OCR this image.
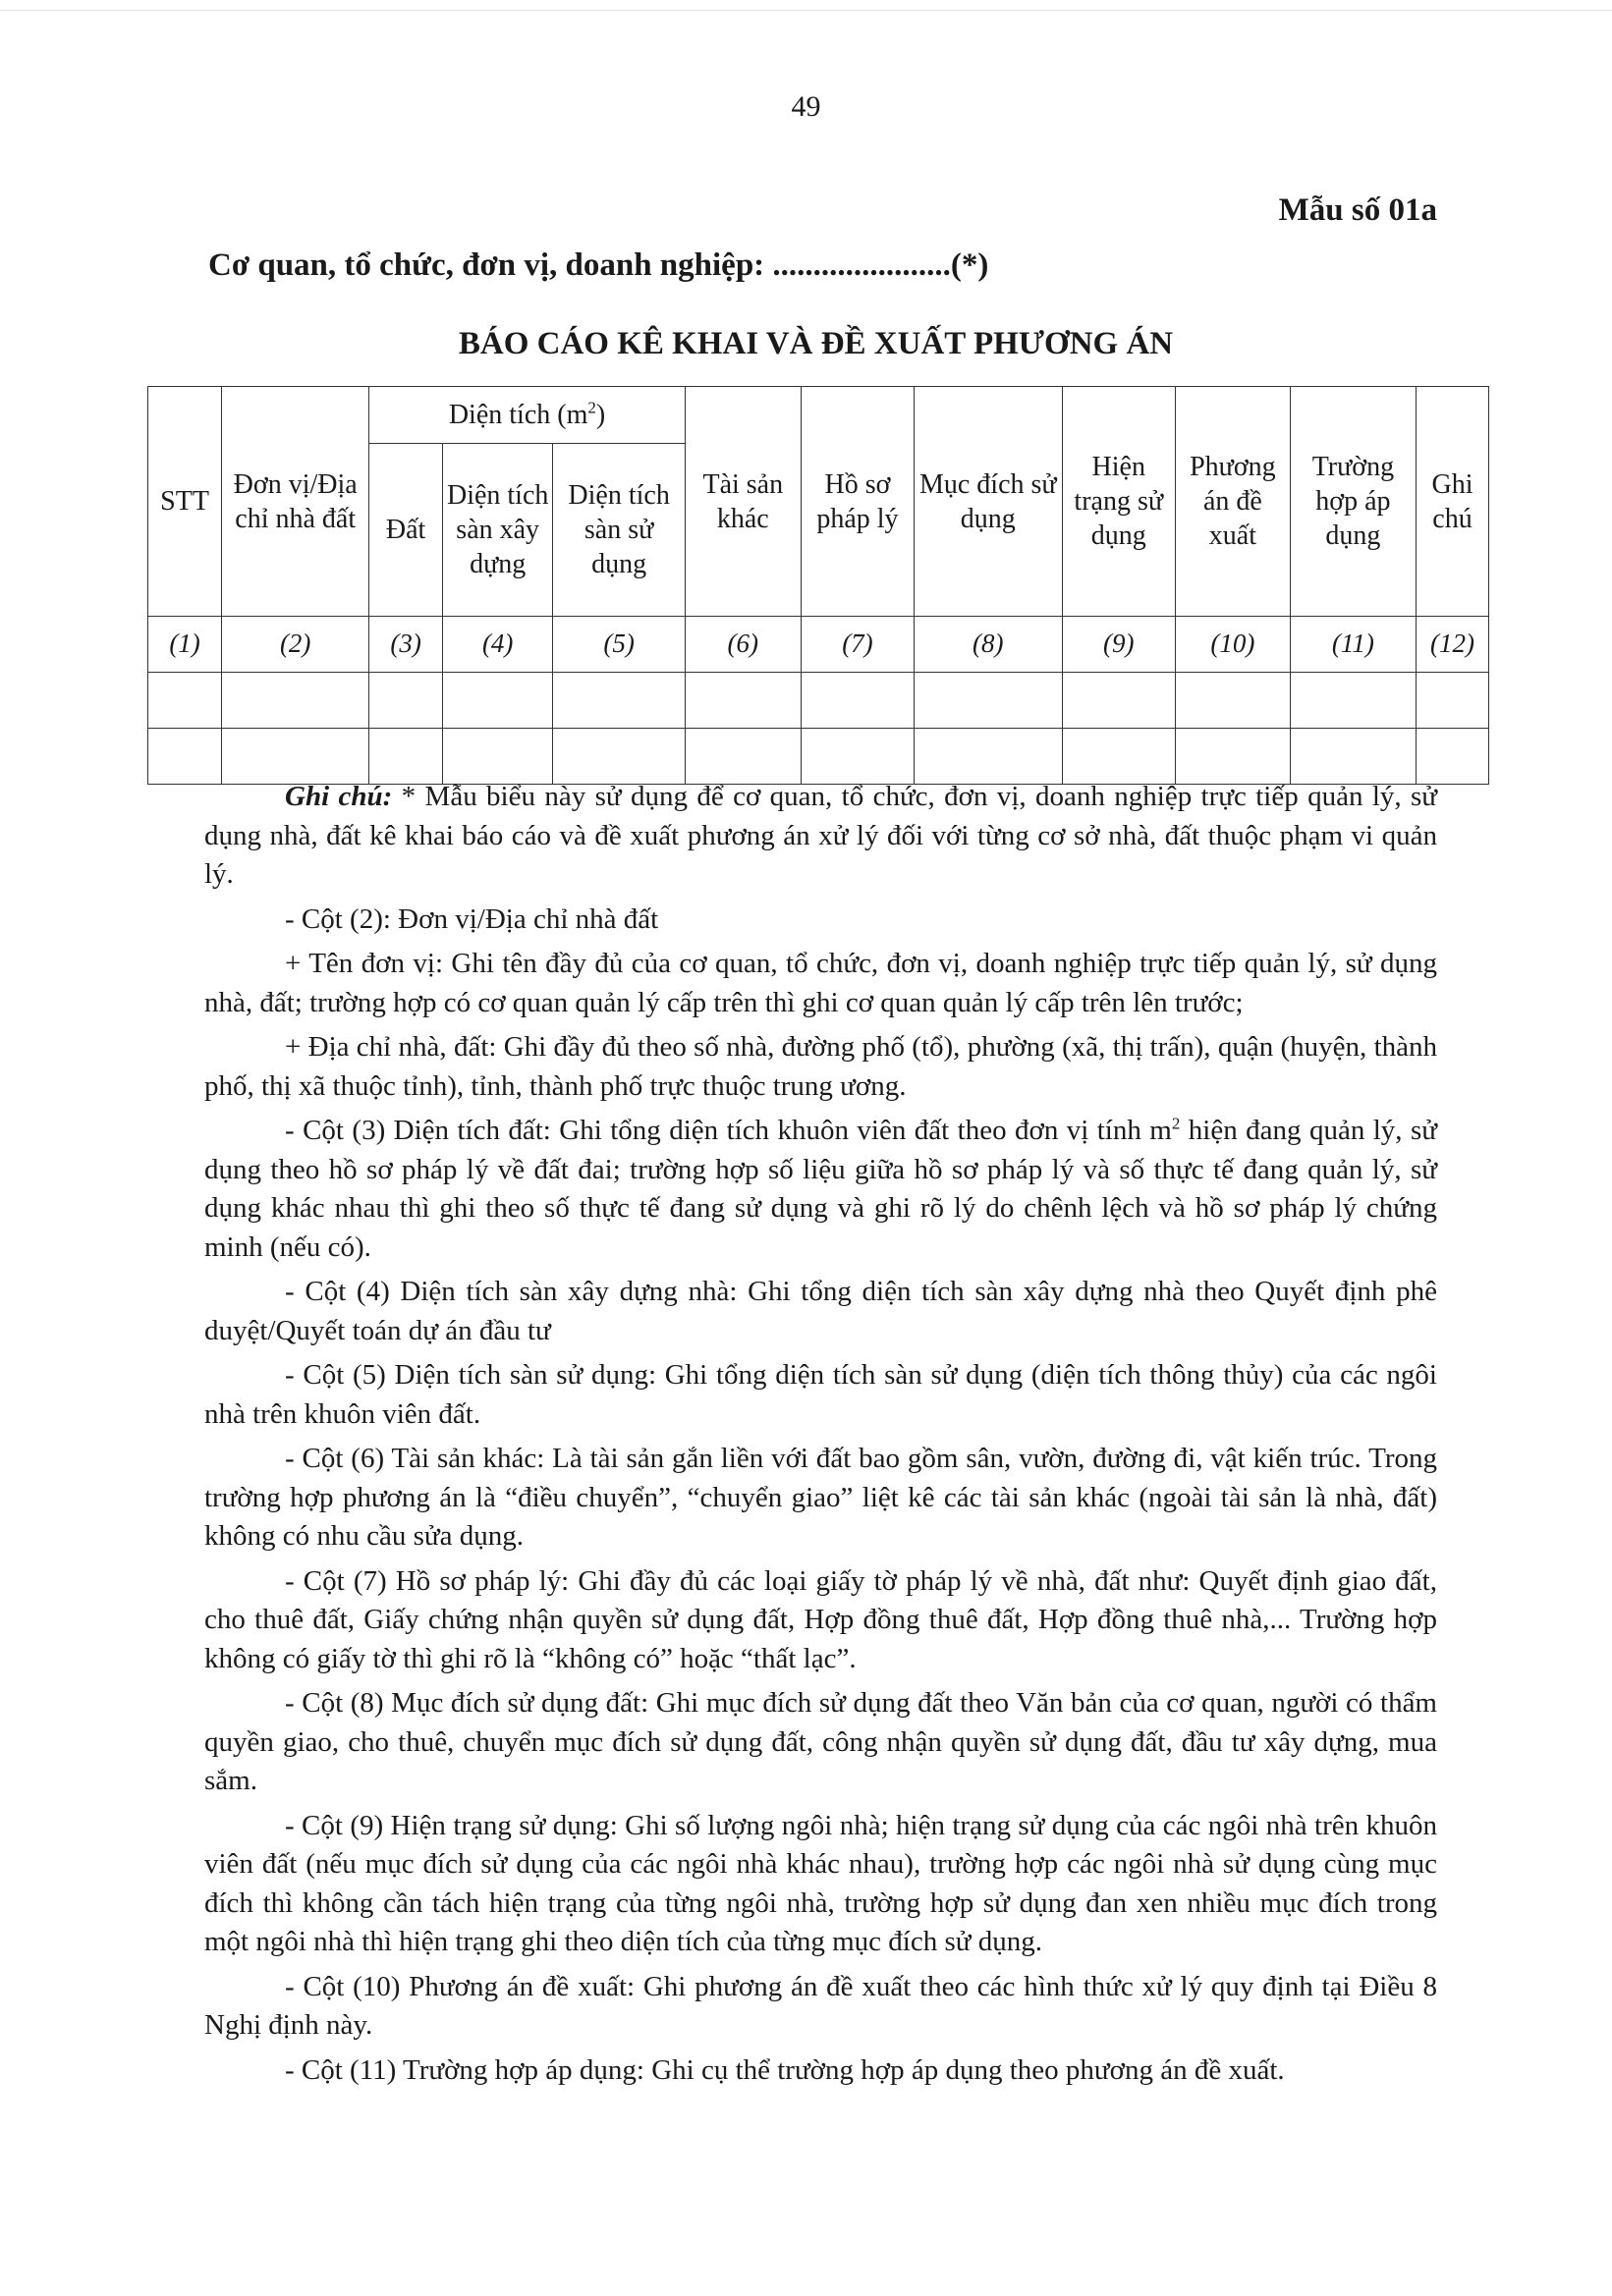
49
Mẫu số 01a
Cơ quan, tổ chức, đơn vị, doanh nghiệp: ......................(*)
BÁO CÁO KÊ KHAI VÀ ĐỀ XUẤT PHƯƠNG ÁN
STT	Đơn vị/Địa chỉ nhà đất	Diện tích $(m^2)$			Tài sản khác	Hồ sơ pháp lý	Mục đích sử dụng	Hiện trạng sử dụng	Phương án đề xuất	Trường hợp áp dụng	Ghi chú
		Đất	Diện tích sàn xây dựng	Diện tích sàn sử dụng							
(1)	(2)	(3)	(4)	(5)	(6)	(7)	(8)	(9)	(10)	(11)	(12)

Ghi chú: * Mẫu biểu này sử dụng để cơ quan, tổ chức, đơn vị, doanh nghiệp trực tiếp quản lý, sử dụng nhà, đất kê khai báo cáo và đề xuất phương án xử lý đối với từng cơ sở nhà, đất thuộc phạm vi quản lý.

- Cột (2): Đơn vị/Địa chỉ nhà đất

+ Tên đơn vị: Ghi tên đầy đủ của cơ quan, tổ chức, đơn vị, doanh nghiệp trực tiếp quản lý, sử dụng nhà, đất; trường hợp có cơ quan quản lý cấp trên thì ghi cơ quan quản lý cấp trên lên trước;

+ Địa chỉ nhà, đất: Ghi đầy đủ theo số nhà, đường phố (tổ), phường (xã, thị trấn), quận (huyện, thành phố, thị xã thuộc tỉnh), tỉnh, thành phố trực thuộc trung ương.

- Cột (3) Diện tích đất: Ghi tổng diện tích khuôn viên đất theo đơn vị tính $m^2$ hiện đang quản lý, sử dụng theo hồ sơ pháp lý về đất đai; trường hợp số liệu giữa hồ sơ pháp lý và số thực tế đang quản lý, sử dụng khác nhau thì ghi theo số thực tế đang sử dụng và ghi rõ lý do chênh lệch và hồ sơ pháp lý chứng minh (nếu có).

- Cột (4) Diện tích sàn xây dựng nhà: Ghi tổng diện tích sàn xây dựng nhà theo Quyết định phê duyệt/Quyết toán dự án đầu tư

- Cột (5) Diện tích sàn sử dụng: Ghi tổng diện tích sàn sử dụng (diện tích thông thủy) của các ngôi nhà trên khuôn viên đất.

- Cột (6) Tài sản khác: Là tài sản gắn liền với đất bao gồm sân, vườn, đường đi, vật kiến trúc. Trong trường hợp phương án là “điều chuyển”, “chuyển giao” liệt kê các tài sản khác (ngoài tài sản là nhà, đất) không có nhu cầu sửa dụng.

- Cột (7) Hồ sơ pháp lý: Ghi đầy đủ các loại giấy tờ pháp lý về nhà, đất như: Quyết định giao đất, cho thuê đất, Giấy chứng nhận quyền sử dụng đất, Hợp đồng thuê đất, Hợp đồng thuê nhà,... Trường hợp không có giấy tờ thì ghi rõ là “không có” hoặc “thất lạc”.

- Cột (8) Mục đích sử dụng đất: Ghi mục đích sử dụng đất theo Văn bản của cơ quan, người có thẩm quyền giao, cho thuê, chuyển mục đích sử dụng đất, công nhận quyền sử dụng đất, đầu tư xây dựng, mua sắm.

- Cột (9) Hiện trạng sử dụng: Ghi số lượng ngôi nhà; hiện trạng sử dụng của các ngôi nhà trên khuôn viên đất (nếu mục đích sử dụng của các ngôi nhà khác nhau), trường hợp các ngôi nhà sử dụng cùng mục đích thì không cần tách hiện trạng của từng ngôi nhà, trường hợp sử dụng đan xen nhiều mục đích trong một ngôi nhà thì hiện trạng ghi theo diện tích của từng mục đích sử dụng.

- Cột (10) Phương án đề xuất: Ghi phương án đề xuất theo các hình thức xử lý quy định tại Điều 8 Nghị định này.

- Cột (11) Trường hợp áp dụng: Ghi cụ thể trường hợp áp dụng theo phương án đề xuất.
